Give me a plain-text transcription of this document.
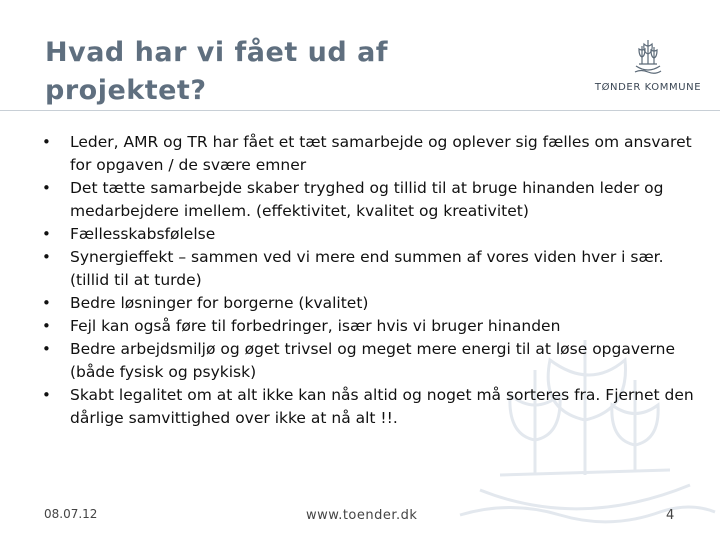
Hvad har vi fået ud af projektet?	TØNDER KOMMUNE
• Leder, AMR og TR har fået et tæt samarbejde og oplever sig fælles om ansvaret for opgaven / de svære emner
• Det tætte samarbejde skaber tryghed og tillid til at bruge hinanden leder og medarbejdere imellem. (effektivitet, kvalitet og kreativitet)
• Fællesskabsfølelse
• Synergieffekt – sammen ved vi mere end summen af vores viden hver i sær. (tillid til at turde)
• Bedre løsninger for borgerne (kvalitet)
• Fejl kan også føre til forbedringer, især hvis vi bruger hinanden
• Bedre arbejdsmiljø og øget trivsel og meget mere energi til at løse opgaverne (både fysisk og psykisk)
• Skabt legalitet om at alt ikke kan nås altid og noget må sorteres fra. Fjernet den dårlige samvittighed over ikke at nå alt !!.
08.07.12	www.toender.dk	4
